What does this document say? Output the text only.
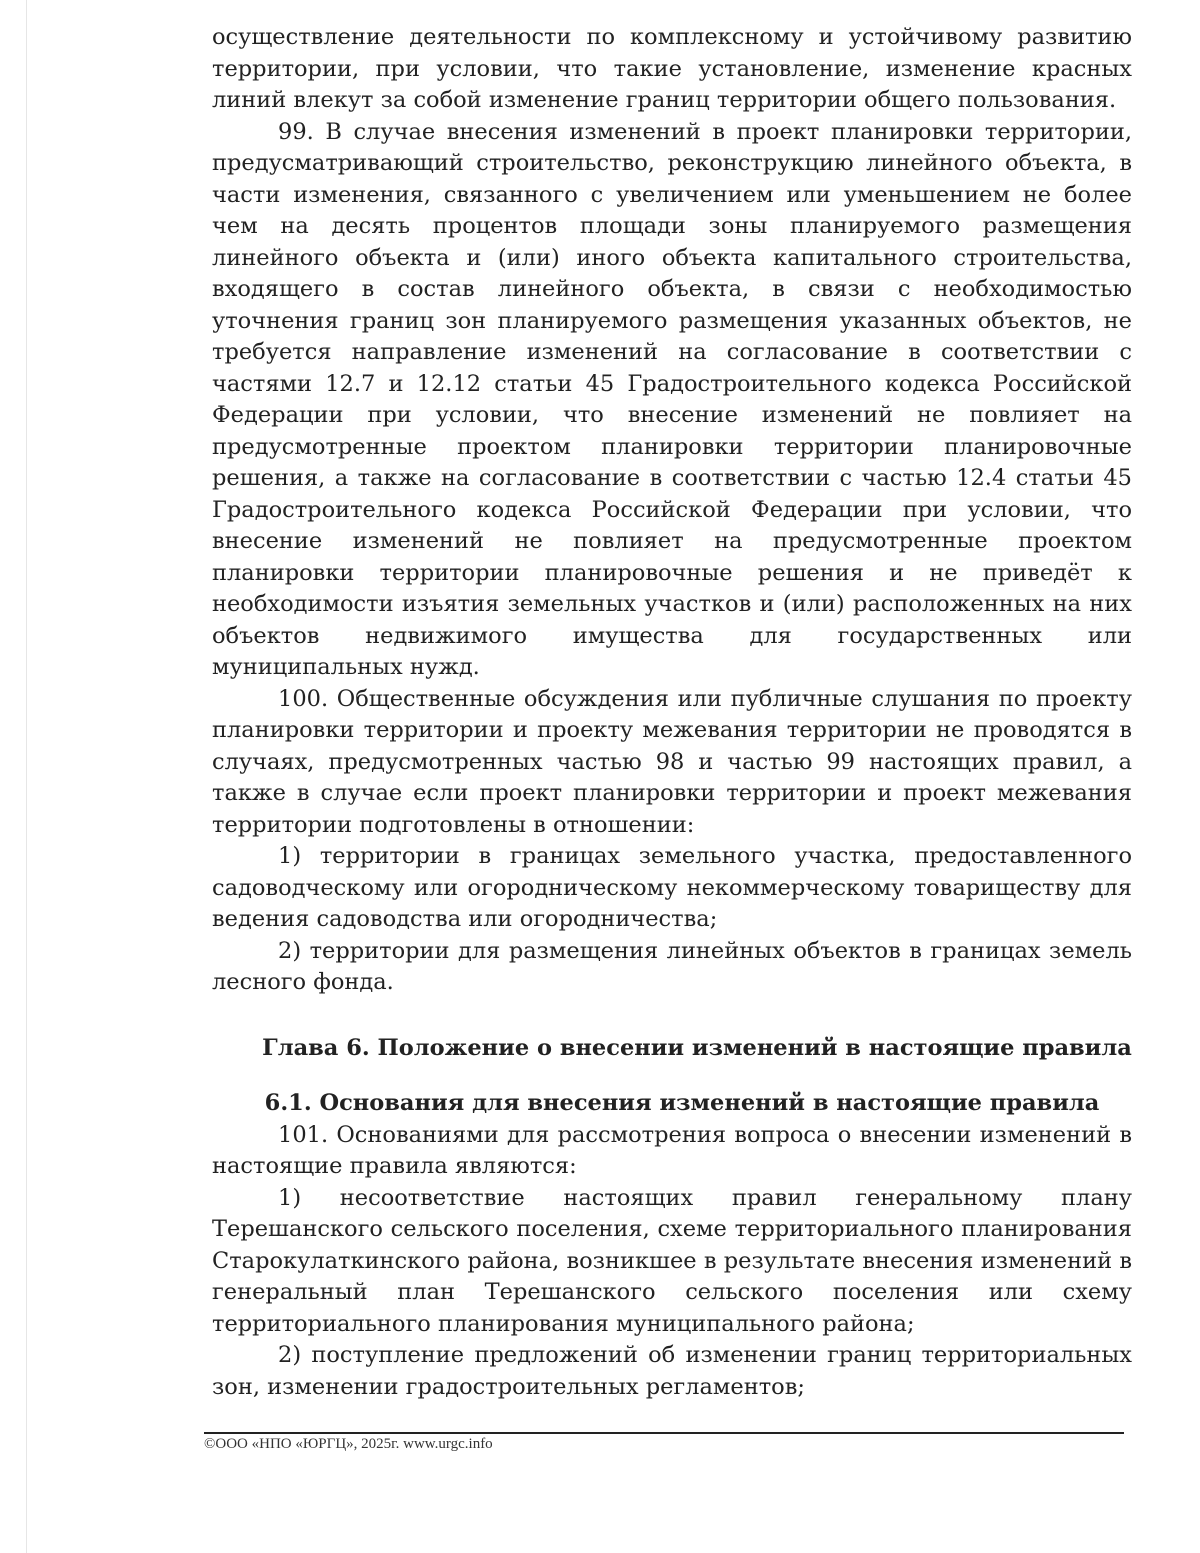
осуществление деятельности по комплексному и устойчивому развитию территории, при условии, что такие установление, изменение красных линий влекут за собой изменение границ территории общего пользования.

99. В случае внесения изменений в проект планировки территории, предусматривающий строительство, реконструкцию линейного объекта, в части изменения, связанного с увеличением или уменьшением не более чем на десять процентов площади зоны планируемого размещения линейного объекта и (или) иного объекта капитального строительства, входящего в состав линейного объекта, в связи с необходимостью уточнения границ зон планируемого размещения указанных объектов, не требуется направление изменений на согласование в соответствии с частями 12.7 и 12.12 статьи 45 Градостроительного кодекса Российской Федерации при условии, что внесение изменений не повлияет на предусмотренные проектом планировки территории планировочные решения, а также на согласование в соответствии с частью 12.4 статьи 45 Градостроительного кодекса Российской Федерации при условии, что внесение изменений не повлияет на предусмотренные проектом планировки территории планировочные решения и не приведёт к необходимости изъятия земельных участков и (или) расположенных на них объектов недвижимого имущества для государственных или муниципальных нужд.

100. Общественные обсуждения или публичные слушания по проекту планировки территории и проекту межевания территории не проводятся в случаях, предусмотренных частью 98 и частью 99 настоящих правил, а также в случае если проект планировки территории и проект межевания территории подготовлены в отношении:

1) территории в границах земельного участка, предоставленного садоводческому или огородническому некоммерческому товариществу для ведения садоводства или огородничества;

2) территории для размещения линейных объектов в границах земель лесного фонда.

Глава 6. Положение о внесении изменений в настоящие правила

6.1. Основания для внесения изменений в настоящие правила

101. Основаниями для рассмотрения вопроса о внесении изменений в настоящие правила являются:

1) несоответствие настоящих правил генеральному плану Терешанского сельского поселения, схеме территориального планирования Старокулаткинского района, возникшее в результате внесения изменений в генеральный план Терешанского сельского поселения или схему территориального планирования муниципального района;

2) поступление предложений об изменении границ территориальных зон, изменении градостроительных регламентов;

©ООО «НПО «ЮРГЦ», 2025г. www.urgc.info
